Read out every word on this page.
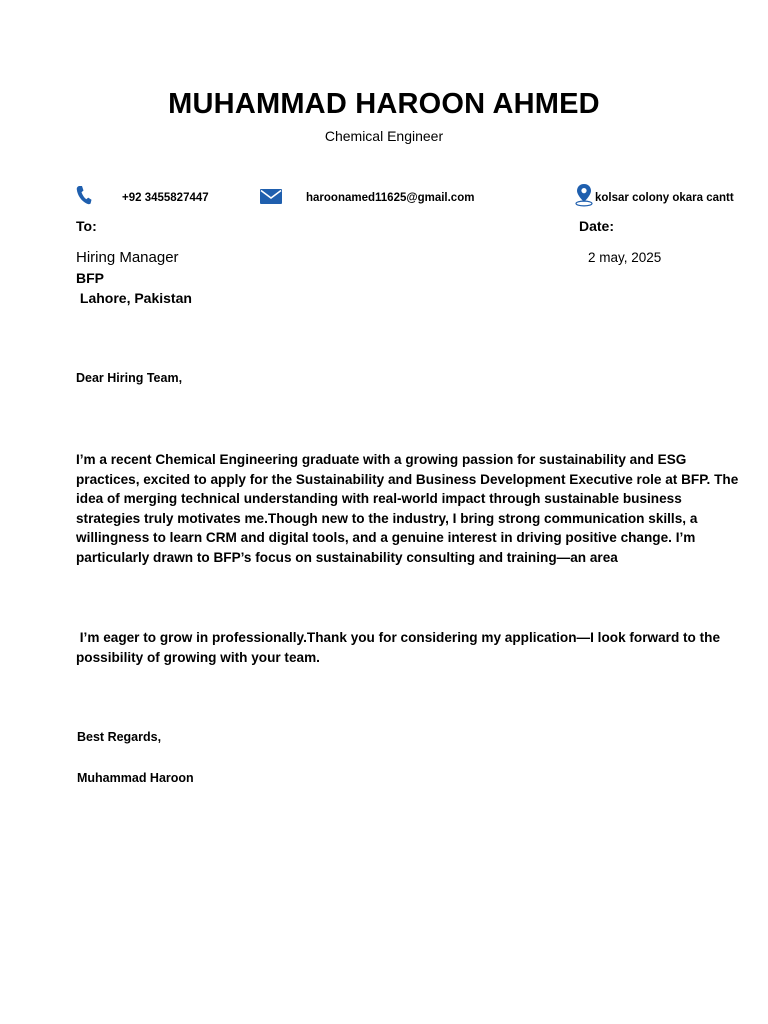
MUHAMMAD HAROON AHMED
Chemical Engineer
+92 3455827447	haroonamed11625@gmail.com	kolsar colony okara cantt
To:	Date:
Hiring Manager	2 may, 2025
BFP
Lahore, Pakistan
Dear Hiring Team,
I’m a recent Chemical Engineering graduate with a growing passion for sustainability and ESG
practices, excited to apply for the Sustainability and Business Development Executive role at BFP. The
idea of merging technical understanding with real-world impact through sustainable business
strategies truly motivates me.Though new to the industry, I bring strong communication skills, a
willingness to learn CRM and digital tools, and a genuine interest in driving positive change. I’m
particularly drawn to BFP’s focus on sustainability consulting and training—an area
I’m eager to grow in professionally.Thank you for considering my application—I look forward to the
possibility of growing with your team.
Best Regards,
Muhammad Haroon
